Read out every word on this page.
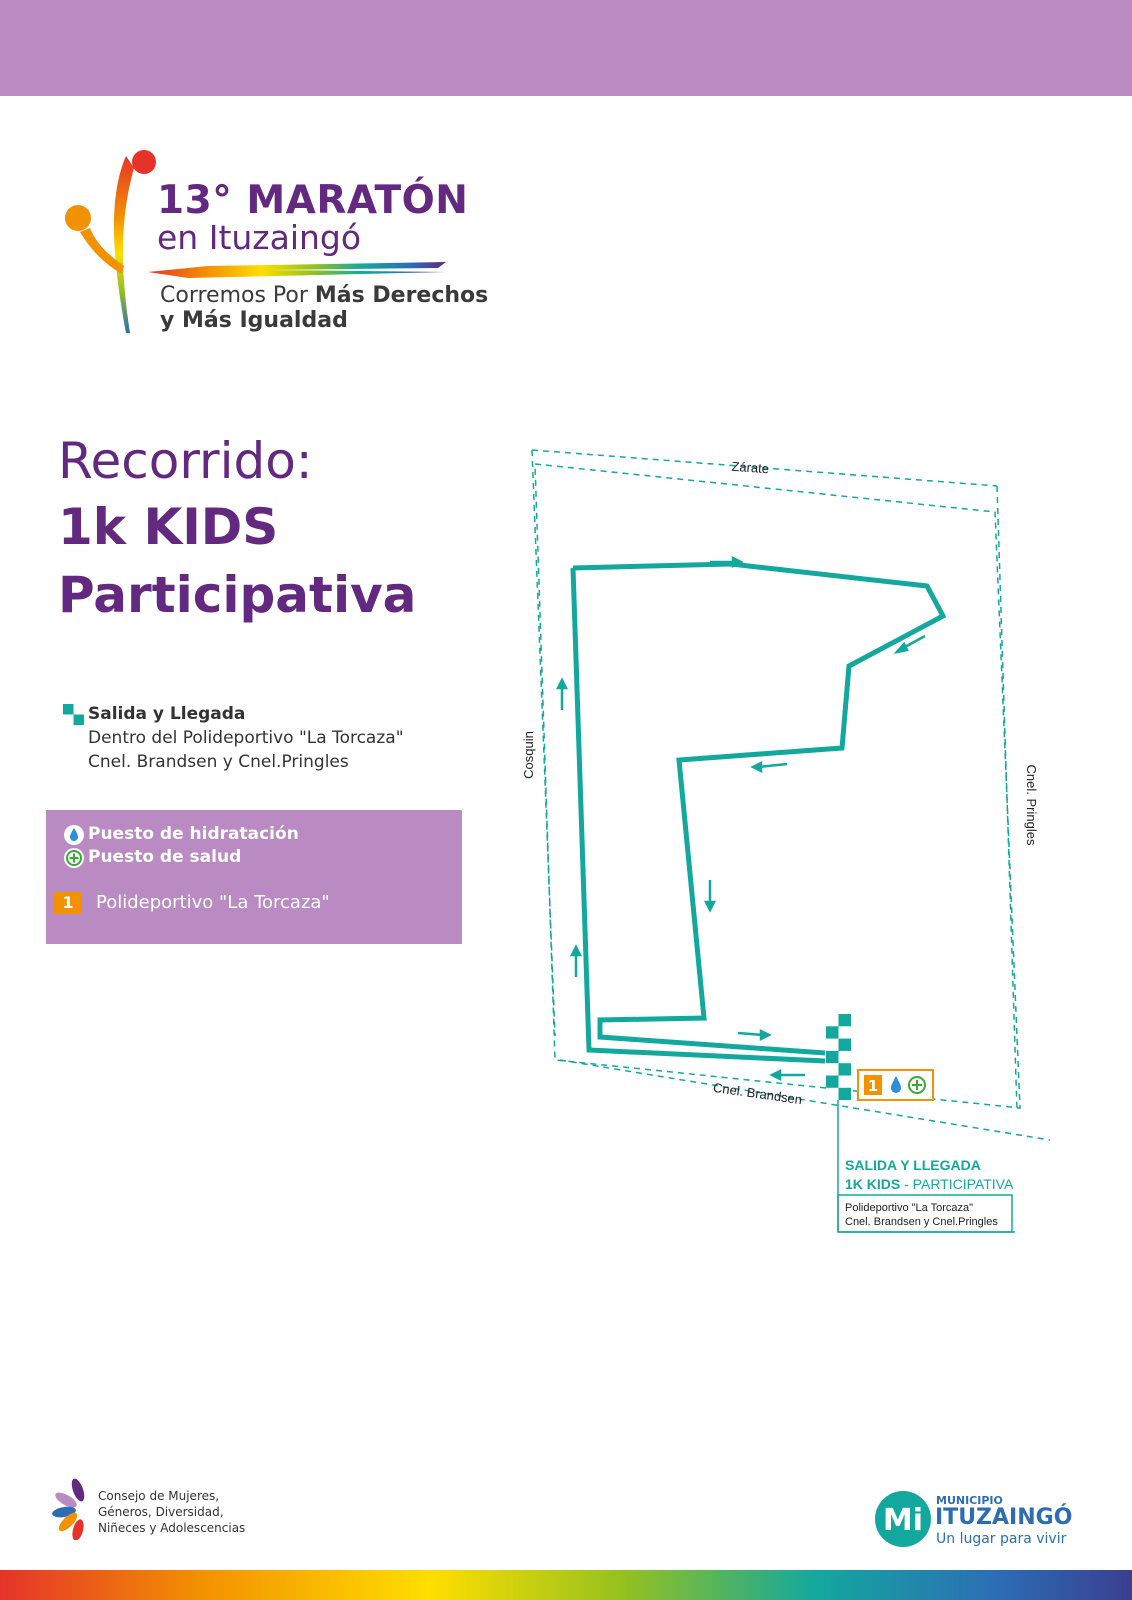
13° MARATÓN
en Ituzaingó
Corremos Por Más Derechos
y Más Igualdad
Recorrido:
1k KIDS
Participativa
Salida y Llegada
Dentro del Polideportivo "La Torcaza"
Cnel. Brandsen y Cnel.Pringles
Puesto de hidratación
Puesto de salud
1	Polideportivo "La Torcaza"
1
Zárate
Cosquin
Cnel. Pringles
Cnel. Brandsen
SALIDA Y LLEGADA
1K KIDS - PARTICIPATIVA
Polideportivo "La Torcaza"
Cnel. Brandsen y Cnel.Pringles
Consejo de Mujeres,
Géneros, Diversidad,
Niñeces y Adolescencias	Mi
MUNICIPIO
ITUZAINGÓ
Un lugar para vivir
